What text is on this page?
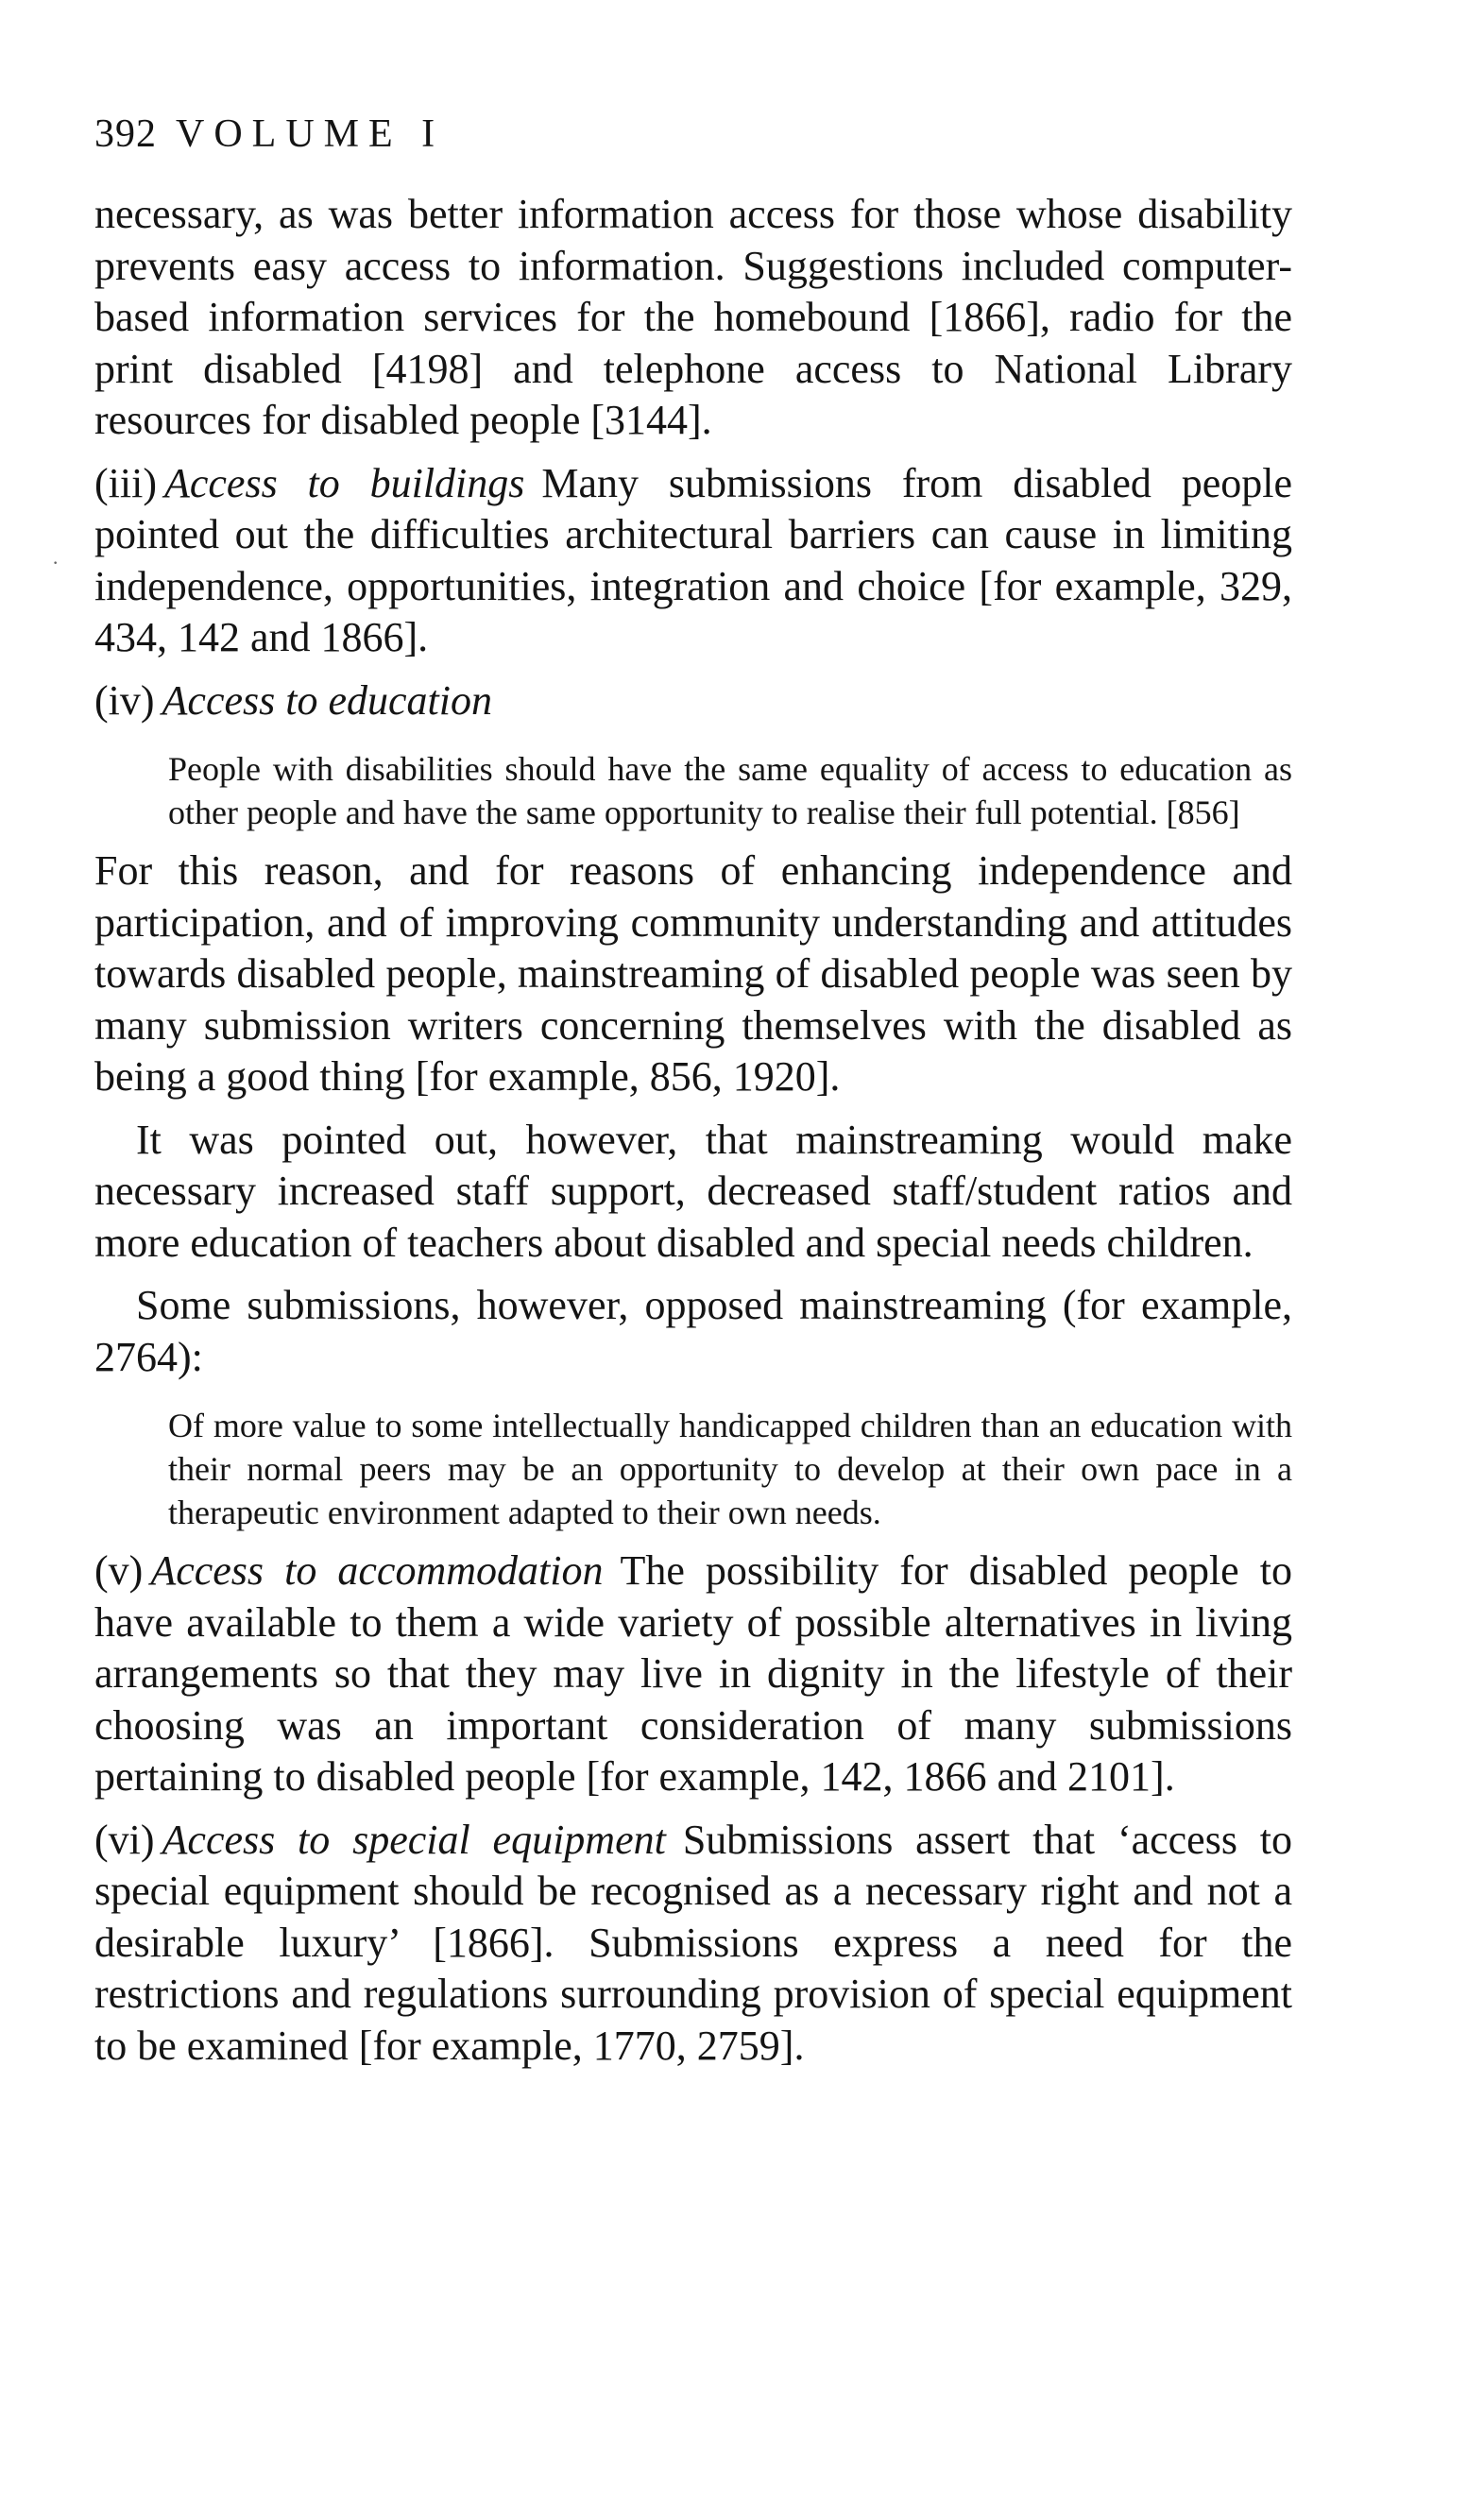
392 VOLUME I
·

necessary, as was better information access for those whose disability prevents easy access to information. Suggestions included computer-based information services for the homebound [1866], radio for the print disabled [4198] and telephone access to National Library resources for disabled people [3144].

(iii) Access to buildings Many submissions from disabled people pointed out the difficulties architectural barriers can cause in limiting independence, opportunities, integration and choice [for example, 329, 434, 142 and 1866].

(iv) Access to education

People with disabilities should have the same equality of access to education as other people and have the same opportunity to realise their full potential. [856]

For this reason, and for reasons of enhancing independence and participation, and of improving community understanding and attitudes towards disabled people, mainstreaming of disabled people was seen by many submission writers concerning themselves with the disabled as being a good thing [for example, 856, 1920].

It was pointed out, however, that mainstreaming would make necessary increased staff support, decreased staff/student ratios and more education of teachers about disabled and special needs children.

Some submissions, however, opposed mainstreaming (for example, 2764):

Of more value to some intellectually handicapped children than an education with their normal peers may be an opportunity to develop at their own pace in a therapeutic environment adapted to their own needs.

(v) Access to accommodation The possibility for disabled people to have available to them a wide variety of possible alternatives in living arrangements so that they may live in dignity in the lifestyle of their choosing was an important consideration of many submissions pertaining to disabled people [for example, 142, 1866 and 2101].

(vi) Access to special equipment Submissions assert that ‘access to special equipment should be recognised as a necessary right and not a desirable luxury’ [1866]. Submissions express a need for the restrictions and regulations surrounding provision of special equipment to be examined [for example, 1770, 2759].
